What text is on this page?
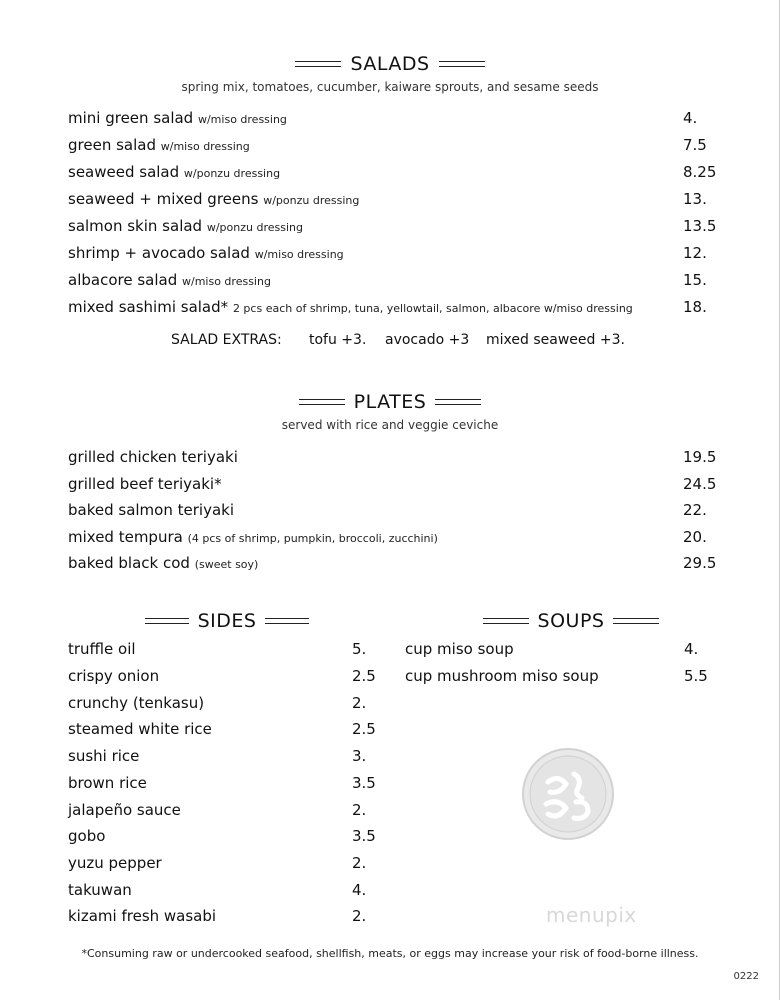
SALADS
spring mix, tomatoes, cucumber, kaiware sprouts, and sesame seeds
mini green salad w/miso dressing	4.
green salad w/miso dressing	7.5
seaweed salad w/ponzu dressing	8.25
seaweed + mixed greens w/ponzu dressing	13.
salmon skin salad w/ponzu dressing	13.5
shrimp + avocado salad w/miso dressing	12.
albacore salad w/miso dressing	15.
mixed sashimi salad* 2 pcs each of shrimp, tuna, yellowtail, salmon, albacore w/miso dressing	18.
SALAD EXTRAS: tofu +3. avocado +3 mixed seaweed +3.
PLATES
served with rice and veggie ceviche
grilled chicken teriyaki	19.5
grilled beef teriyaki*	24.5
baked salmon teriyaki	22.
mixed tempura (4 pcs of shrimp, pumpkin, broccoli, zucchini)	20.
baked black cod (sweet soy)	29.5
SIDES	SOUPS
truffle oil	5.
crispy onion	2.5
crunchy (tenkasu)	2.
steamed white rice	2.5
sushi rice	3.
brown rice	3.5
jalapeño sauce	2.
gobo	3.5
yuzu pepper	2.
takuwan	4.
kizami fresh wasabi	2.
cup miso soup	4.
cup mushroom miso soup	5.5
menupix
*Consuming raw or undercooked seafood, shellfish, meats, or eggs may increase your risk of food-borne illness.
0222
